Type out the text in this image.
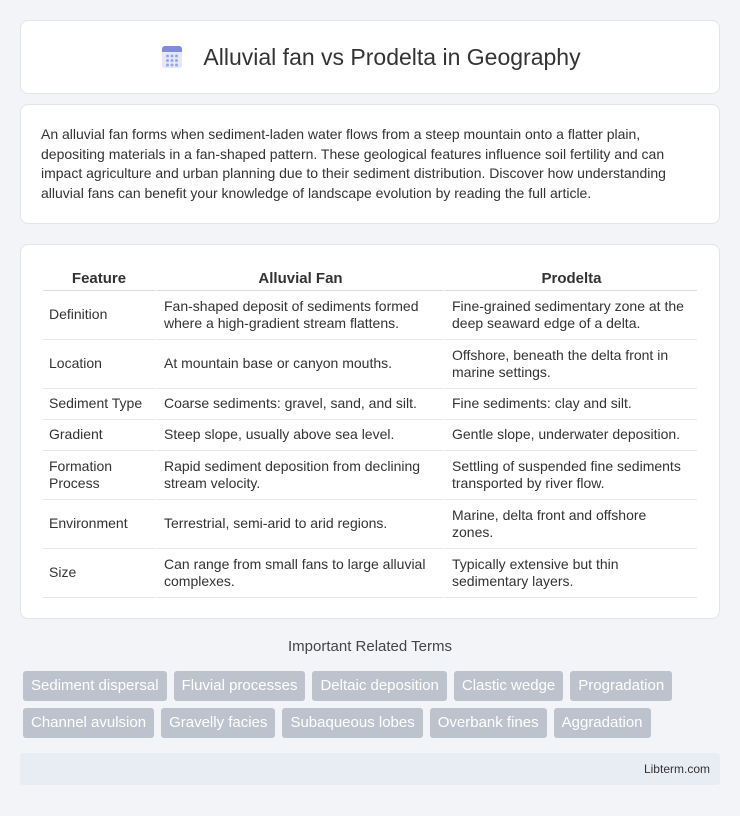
Alluvial fan vs Prodelta in Geography

An alluvial fan forms when sediment-laden water flows from a steep mountain onto a flatter plain, depositing materials in a fan-shaped pattern. These geological features influence soil fertility and can impact agriculture and urban planning due to their sediment distribution. Discover how understanding alluvial fans can benefit your knowledge of landscape evolution by reading the full article.

Feature	Alluvial Fan	Prodelta
Definition	Fan-shaped deposit of sediments formed where a high-gradient stream flattens.	Fine-grained sedimentary zone at the deep seaward edge of a delta.
Location	At mountain base or canyon mouths.	Offshore, beneath the delta front in marine settings.
Sediment Type	Coarse sediments: gravel, sand, and silt.	Fine sediments: clay and silt.
Gradient	Steep slope, usually above sea level.	Gentle slope, underwater deposition.
Formation Process	Rapid sediment deposition from declining stream velocity.	Settling of suspended fine sediments transported by river flow.
Environment	Terrestrial, semi-arid to arid regions.	Marine, delta front and offshore zones.
Size	Can range from small fans to large alluvial complexes.	Typically extensive but thin sedimentary layers.
Important Related Terms
Sediment dispersal	Fluvial processes	Deltaic deposition	Clastic wedge	Progradation
Channel avulsion	Gravelly facies	Subaqueous lobes	Overbank fines	Aggradation
Libterm.com
